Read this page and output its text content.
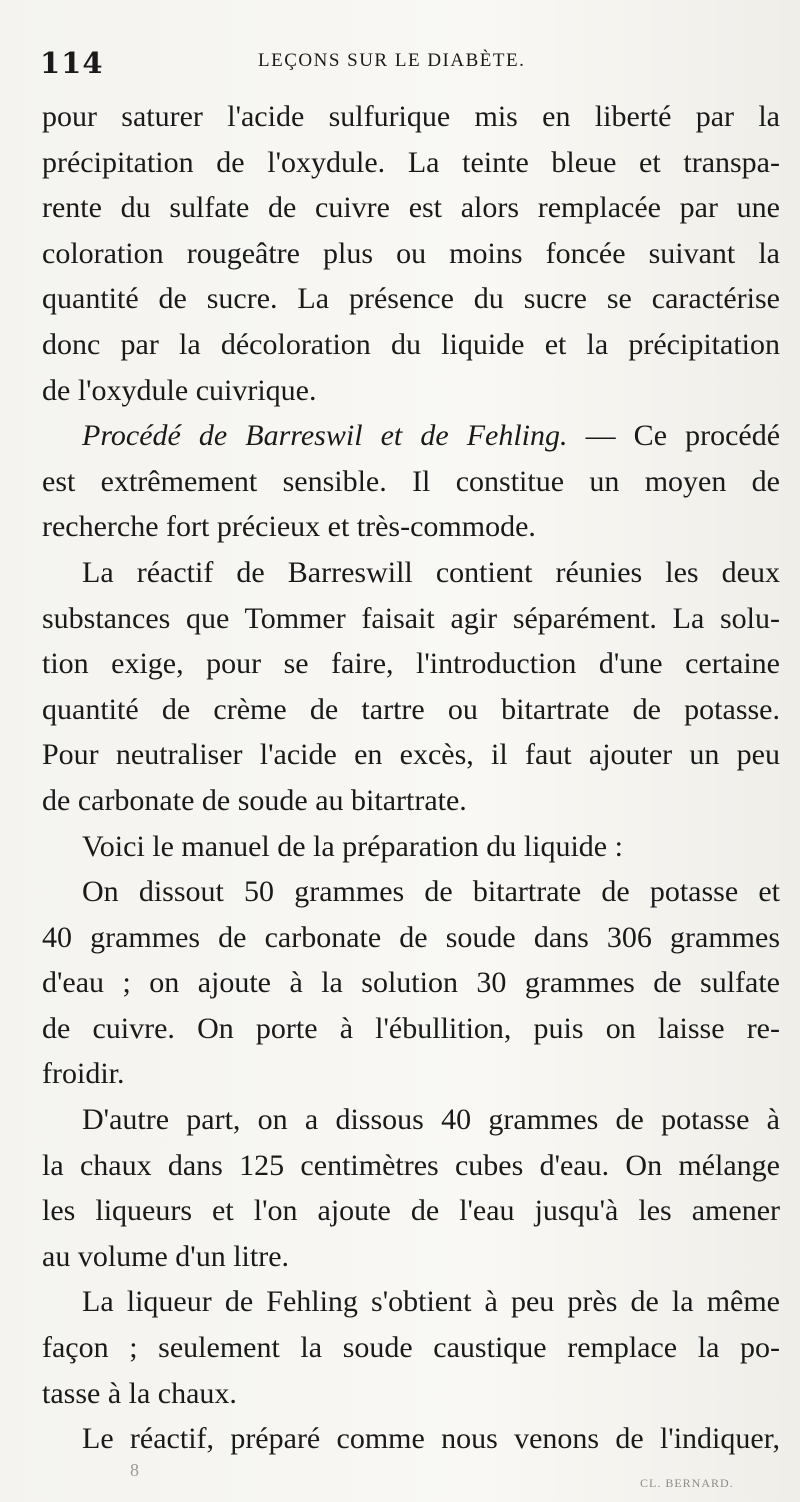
114	LEÇONS SUR LE DIABÈTE.
pour saturer l'acide sulfurique mis en liberté par la
précipitation de l'oxydule. La teinte bleue et transpa-
rente du sulfate de cuivre est alors remplacée par une
coloration rougeâtre plus ou moins foncée suivant la
quantité de sucre. La présence du sucre se caractérise
donc par la décoloration du liquide et la précipitation
de l'oxydule cuivrique.
Procédé de Barreswil et de Fehling. — Ce procédé
est extrêmement sensible. Il constitue un moyen de
recherche fort précieux et très-commode.
La réactif de Barreswill contient réunies les deux
substances que Tommer faisait agir séparément. La solu-
tion exige, pour se faire, l'introduction d'une certaine
quantité de crème de tartre ou bitartrate de potasse.
Pour neutraliser l'acide en excès, il faut ajouter un peu
de carbonate de soude au bitartrate.
Voici le manuel de la préparation du liquide :
On dissout 50 grammes de bitartrate de potasse et
40 grammes de carbonate de soude dans 306 grammes
d'eau ; on ajoute à la solution 30 grammes de sulfate
de cuivre. On porte à l'ébullition, puis on laisse re-
froidir.
D'autre part, on a dissous 40 grammes de potasse à
la chaux dans 125 centimètres cubes d'eau. On mélange
les liqueurs et l'on ajoute de l'eau jusqu'à les amener
au volume d'un litre.
La liqueur de Fehling s'obtient à peu près de la même
façon ; seulement la soude caustique remplace la po-
tasse à la chaux.
Le réactif, préparé comme nous venons de l'indiquer,
8
CL. BERNARD.
